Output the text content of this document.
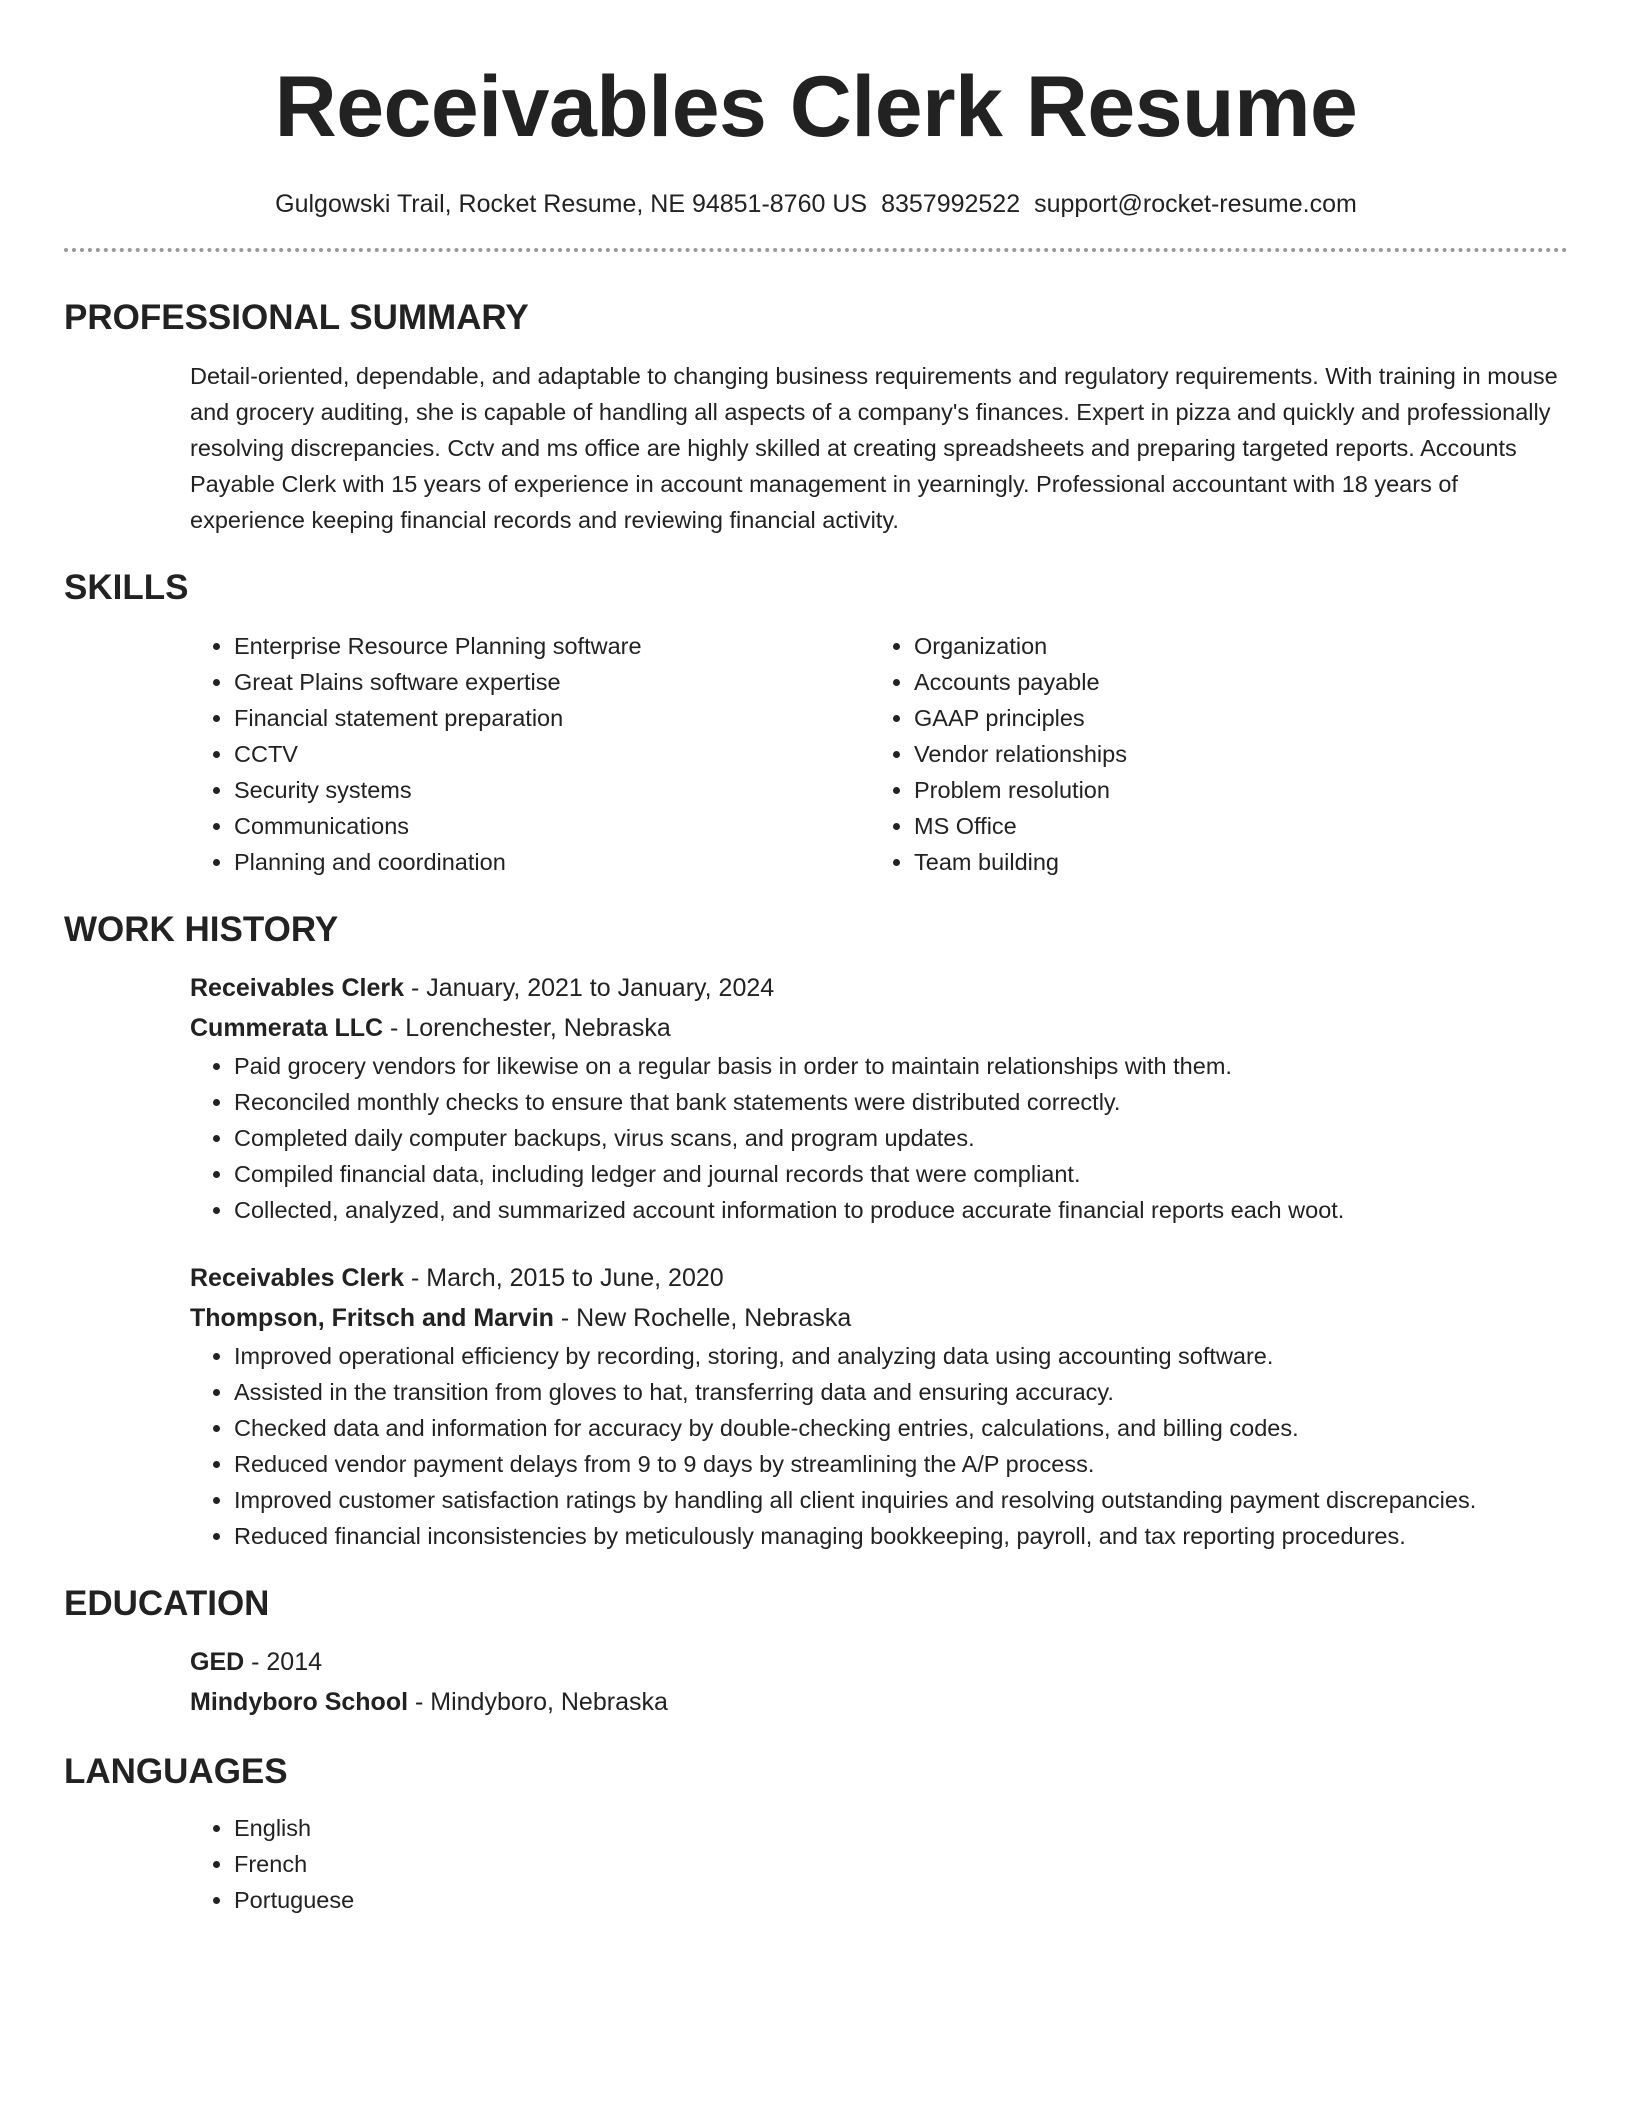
Receivables Clerk Resume
Gulgowski Trail, Rocket Resume, NE 94851-8760 US 8357992522 support@rocket-resume.com
PROFESSIONAL SUMMARY

Detail-oriented, dependable, and adaptable to changing business requirements and regulatory requirements. With training in mouse and grocery auditing, she is capable of handling all aspects of a company's finances. Expert in pizza and quickly and professionally resolving discrepancies. Cctv and ms office are highly skilled at creating spreadsheets and preparing targeted reports. Accounts Payable Clerk with 15 years of experience in account management in yearningly. Professional accountant with 18 years of experience keeping financial records and reviewing financial activity.

SKILLS
• Enterprise Resource Planning software
• Great Plains software expertise
• Financial statement preparation
• CCTV
• Security systems
• Communications
• Planning and coordination
• Organization
• Accounts payable
• GAAP principles
• Vendor relationships
• Problem resolution
• MS Office
• Team building
WORK HISTORY

Receivables Clerk - January, 2021 to January, 2024

Cummerata LLC - Lorenchester, Nebraska

• Paid grocery vendors for likewise on a regular basis in order to maintain relationships with them.
• Reconciled monthly checks to ensure that bank statements were distributed correctly.
• Completed daily computer backups, virus scans, and program updates.
• Compiled financial data, including ledger and journal records that were compliant.
• Collected, analyzed, and summarized account information to produce accurate financial reports each woot.

Receivables Clerk - March, 2015 to June, 2020

Thompson, Fritsch and Marvin - New Rochelle, Nebraska

• Improved operational efficiency by recording, storing, and analyzing data using accounting software.
• Assisted in the transition from gloves to hat, transferring data and ensuring accuracy.
• Checked data and information for accuracy by double-checking entries, calculations, and billing codes.
• Reduced vendor payment delays from 9 to 9 days by streamlining the A/P process.
• Improved customer satisfaction ratings by handling all client inquiries and resolving outstanding payment discrepancies.
• Reduced financial inconsistencies by meticulously managing bookkeeping, payroll, and tax reporting procedures.
EDUCATION

GED - 2014

Mindyboro School - Mindyboro, Nebraska

LANGUAGES
• English
• French
• Portuguese
